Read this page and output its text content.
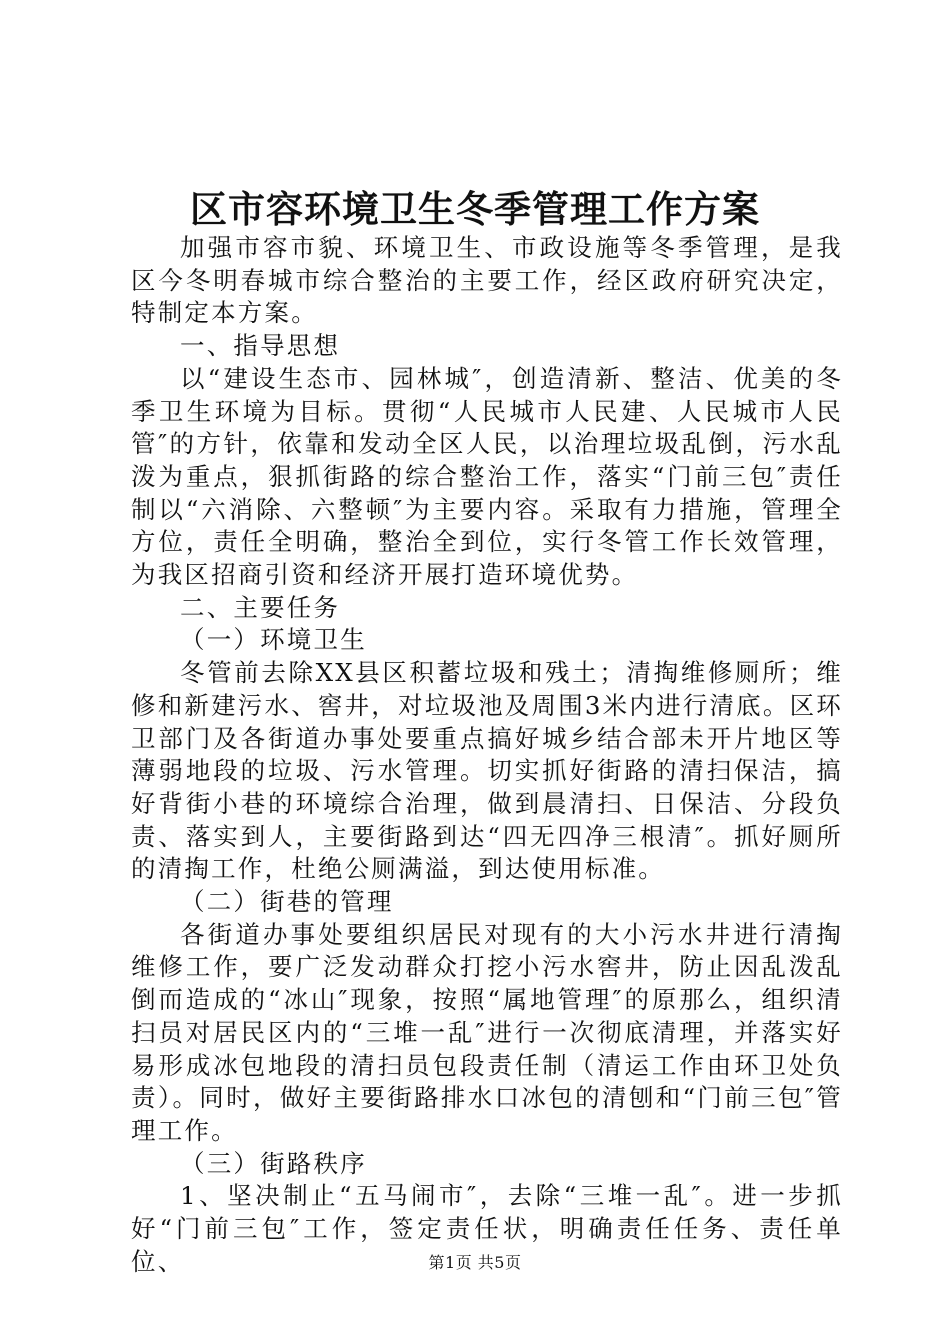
区市容环境卫生冬季管理工作方案

加强市容市貌、环境卫生、市政设施等冬季管理，是我区今冬明春城市综合整治的主要工作，经区政府研究决定，特制定本方案。

一、指导思想

以“建设生态市、园林城″，创造清新、整洁、优美的冬季卫生环境为目标。贯彻“人民城市人民建、人民城市人民管″的方针，依靠和发动全区人民，以治理垃圾乱倒，污水乱泼为重点，狠抓街路的综合整治工作，落实“门前三包″责任制以“六消除、六整顿″为主要内容。采取有力措施，管理全方位，责任全明确，整治全到位，实行冬管工作长效管理，为我区招商引资和经济开展打造环境优势。

二、主要任务

（一）环境卫生

冬管前去除XX县区积蓄垃圾和残土；清掏维修厕所；维修和新建污水、窖井，对垃圾池及周围3米内进行清底。区环卫部门及各街道办事处要重点搞好城乡结合部未开片地区等薄弱地段的垃圾、污水管理。切实抓好街路的清扫保洁，搞好背街小巷的环境综合治理，做到晨清扫、日保洁、分段负责、落实到人，主要街路到达“四无四净三根清″。抓好厕所的清掏工作，杜绝公厕满溢，到达使用标准。

（二）街巷的管理

各街道办事处要组织居民对现有的大小污水井进行清掏维修工作，要广泛发动群众打挖小污水窖井，防止因乱泼乱倒而造成的“冰山″现象，按照“属地管理″的原那么，组织清扫员对居民区内的“三堆一乱″进行一次彻底清理，并落实好易形成冰包地段的清扫员包段责任制（清运工作由环卫处负责）。同时，做好主要街路排水口冰包的清刨和“门前三包″管理工作。

（三）街路秩序

1、坚决制止“五马闹市″，去除“三堆一乱″。进一步抓好“门前三包″工作，签定责任状，明确责任任务、责任单位、	第1页 共5页
